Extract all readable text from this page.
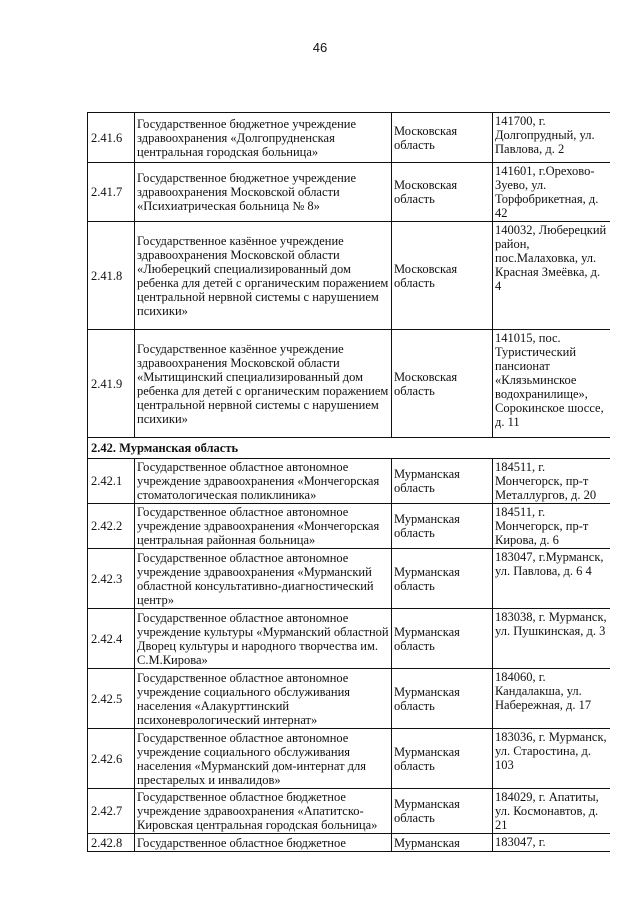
46
2.41.6	Государственное бюджетное учреждение здравоохранения «Долгопрудненская центральная городская больница»	Московская область	141700, г. Долгопрудный, ул. Павлова, д. 2
2.41.7	Государственное бюджетное учреждение здравоохранения Московской области «Психиатрическая больница № 8»	Московская область	141601, г.Орехово-Зуево, ул. Торфобрикетная, д. 42
2.41.8	Государственное казённое учреждение здравоохранения Московской области «Люберецкий специализированный дом ребенка для детей с органическим поражением центральной нервной системы с нарушением психики»	Московская область	140032, Люберецкий район, пос.Малаховка, ул. Красная Змеёвка, д. 4
2.41.9	Государственное казённое учреждение здравоохранения Московской области «Мытищинский специализированный дом ребенка для детей с органическим поражением центральной нервной системы с нарушением психики»	Московская область	141015, пос. Туристический пансионат «Клязьминское водохранилище», Сорокинское шоссе, д. 11
2.42. Мурманская область			
2.42.1	Государственное областное автономное учреждение здравоохранения «Мончегорская стоматологическая поликлиника»	Мурманская область	184511, г. Мончегорск, пр-т Металлургов, д. 20
2.42.2	Государственное областное автономное учреждение здравоохранения «Мончегорская центральная районная больница»	Мурманская область	184511, г. Мончегорск, пр-т Кирова, д. 6
2.42.3	Государственное областное автономное учреждение здравоохранения «Мурманский областной консультативно-диагностический центр»	Мурманская область	183047, г.Мурманск, ул. Павлова, д. 6 4
2.42.4	Государственное областное автономное учреждение культуры «Мурманский областной Дворец культуры и народного творчества им. С.М.Кирова»	Мурманская область	183038, г. Мурманск, ул. Пушкинская, д. 3
2.42.5	Государственное областное автономное учреждение социального обслуживания населения «Алакурттинский психоневрологический интернат»	Мурманская область	184060, г. Кандалакша, ул. Набережная, д. 17
2.42.6	Государственное областное автономное учреждение социального обслуживания населения «Мурманский дом-интернат для престарелых и инвалидов»	Мурманская область	183036, г. Мурманск, ул. Старостина, д. 103
2.42.7	Государственное областное бюджетное учреждение здравоохранения «Апатитско-Кировская центральная городская больница»	Мурманская область	184029, г. Апатиты, ул. Космонавтов, д. 21
2.42.8	Государственное областное бюджетное	Мурманская	183047, г.
